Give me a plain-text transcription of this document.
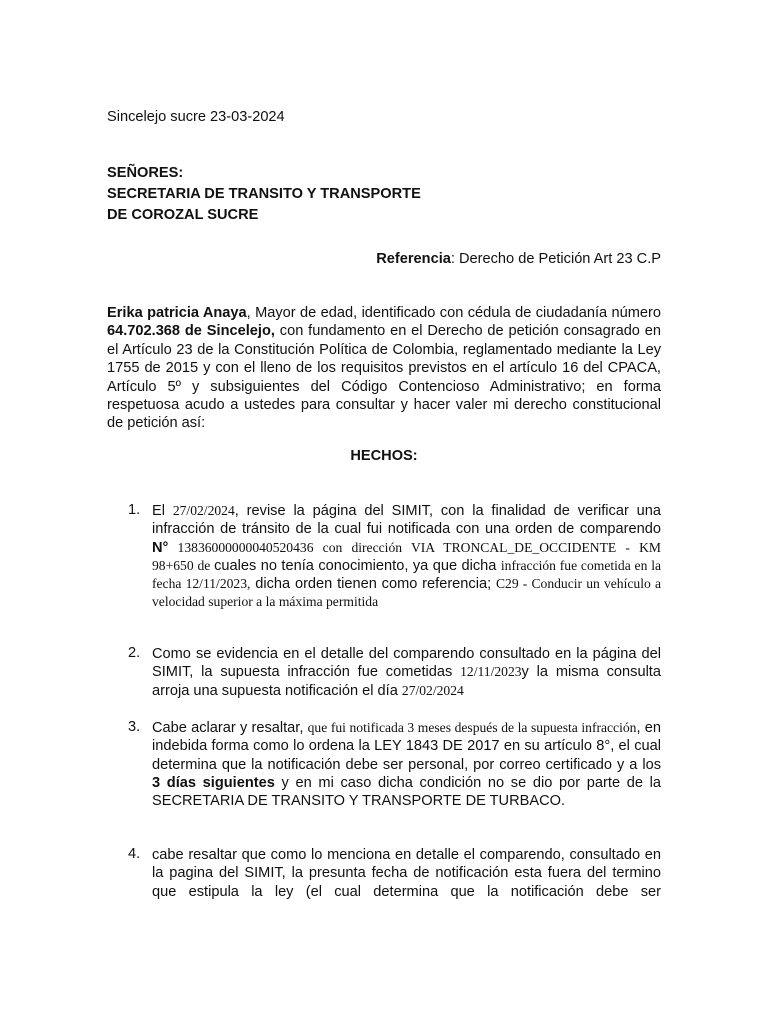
Sincelejo sucre 23-03-2024
SEÑORES:
SECRETARIA DE TRANSITO Y TRANSPORTE
DE COROZAL SUCRE
Referencia: Derecho de Petición Art 23 C.P
Erika patricia Anaya, Mayor de edad, identificado con cédula de ciudadanía número 64.702.368 de Sincelejo, con fundamento en el Derecho de petición consagrado en el Artículo 23 de la Constitución Política de Colombia, reglamentado mediante la Ley 1755 de 2015 y con el lleno de los requisitos previstos en el artículo 16 del CPACA, Artículo 5º y subsiguientes del Código Contencioso Administrativo; en forma respetuosa acudo a ustedes para consultar y hacer valer mi derecho constitucional de petición así:
HECHOS:
1. El 27/02/2024, revise la página del SIMIT, con la finalidad de verificar una infracción de tránsito de la cual fui notificada con una orden de comparendo N° 13836000000040520436 con dirección VIA TRONCAL_DE_OCCIDENTE - KM 98+650 de cuales no tenía conocimiento, ya que dicha infracción fue cometida en la fecha 12/11/2023, dicha orden tienen como referencia; C29 - Conducir un vehículo a velocidad superior a la máxima permitida
2. Como se evidencia en el detalle del comparendo consultado en la página del SIMIT, la supuesta infracción fue cometidas 12/11/2023y la misma consulta arroja una supuesta notificación el día 27/02/2024
3. Cabe aclarar y resaltar, que fui notificada 3 meses después de la supuesta infracción, en indebida forma como lo ordena la LEY 1843 DE 2017 en su artículo 8°, el cual determina que la notificación debe ser personal, por correo certificado y a los 3 días siguientes y en mi caso dicha condición no se dio por parte de la SECRETARIA DE TRANSITO Y TRANSPORTE DE TURBACO.
4. cabe resaltar que como lo menciona en detalle el comparendo, consultado en la pagina del SIMIT, la presunta fecha de notificación esta fuera del termino que estipula la ley (el cual determina que la notificación debe ser
